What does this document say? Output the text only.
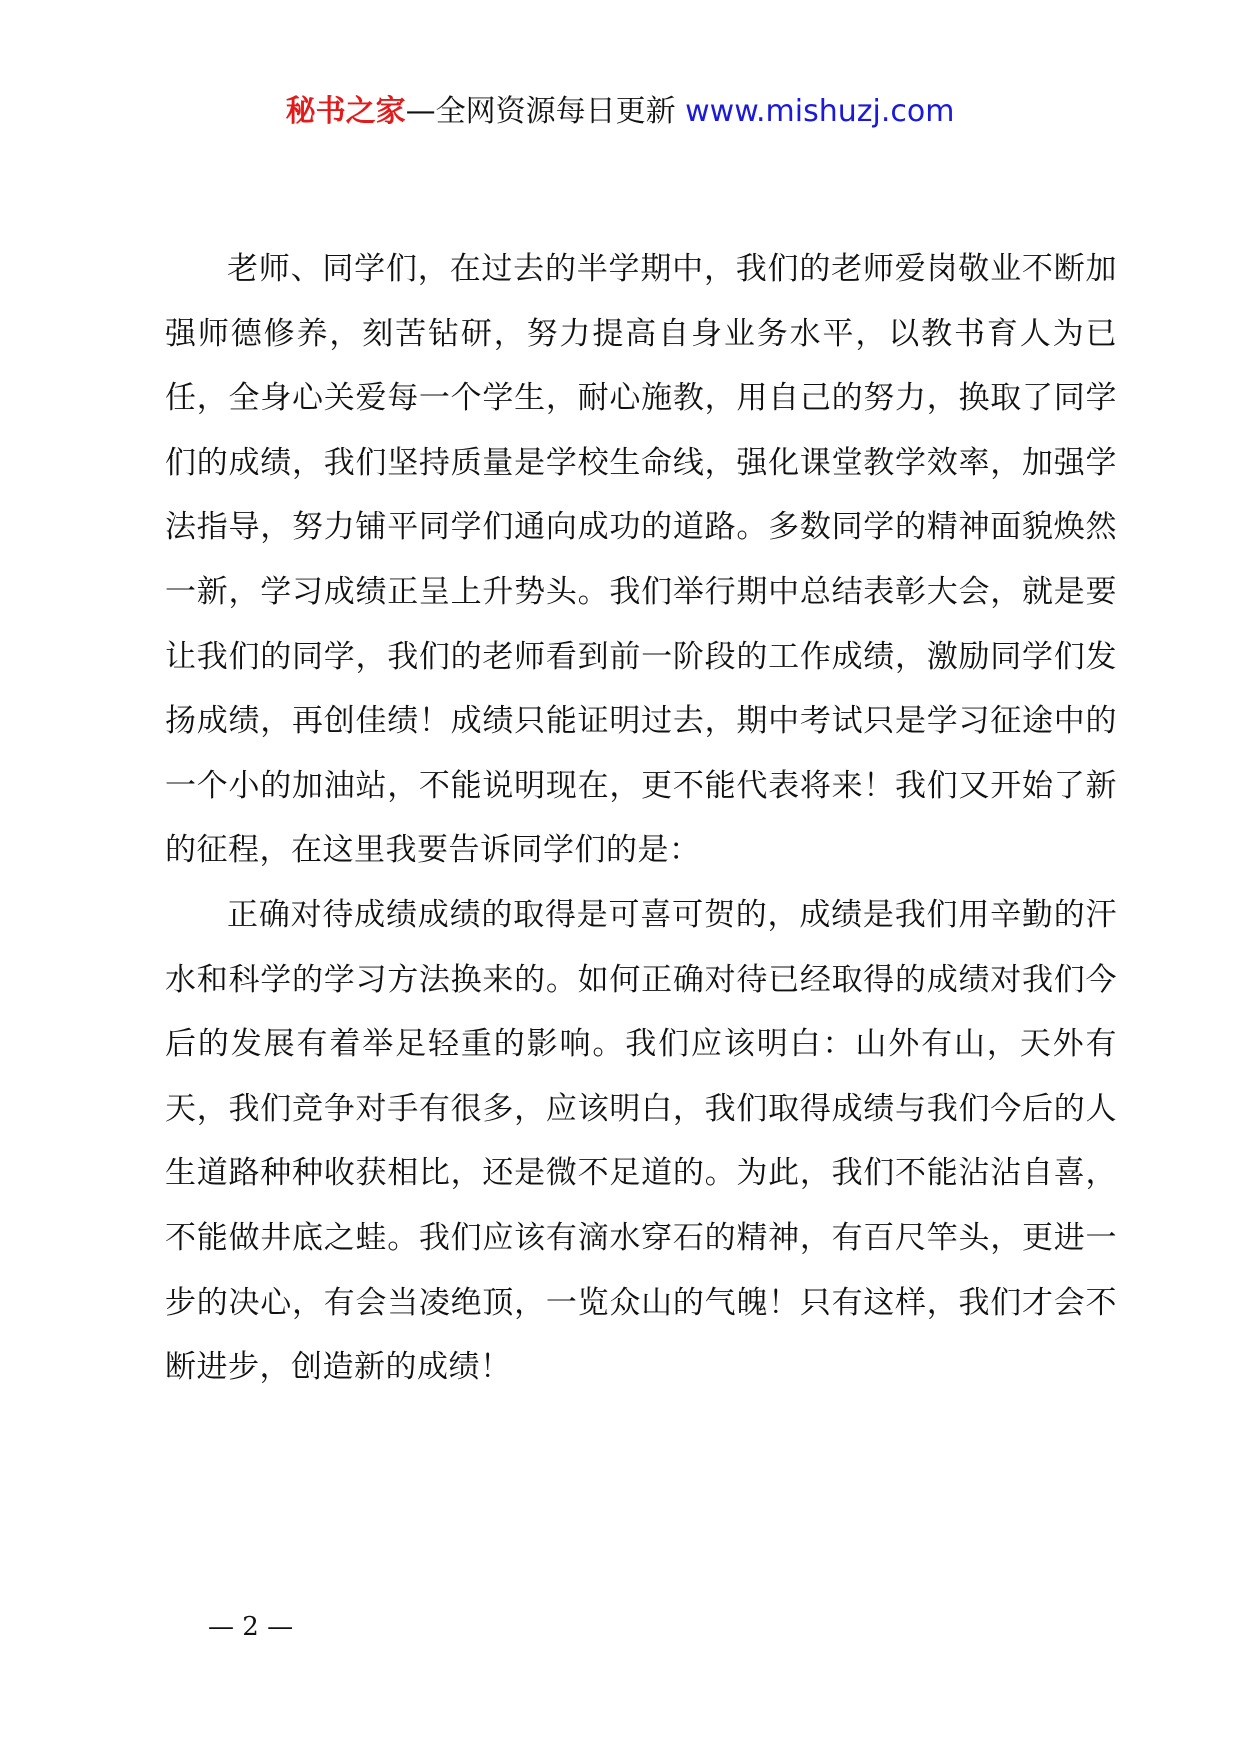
秘书之家—全网资源每日更新 www.mishuzj.com

老师、同学们，在过去的半学期中，我们的老师爱岗敬业不断加强师德修养，刻苦钻研，努力提高自身业务水平，以教书育人为已任，全身心关爱每一个学生，耐心施教，用自己的努力，换取了同学们的成绩，我们坚持质量是学校生命线，强化课堂教学效率，加强学法指导，努力铺平同学们通向成功的道路。多数同学的精神面貌焕然一新，学习成绩正呈上升势头。我们举行期中总结表彰大会，就是要让我们的同学，我们的老师看到前一阶段的工作成绩，激励同学们发扬成绩，再创佳绩！成绩只能证明过去，期中考试只是学习征途中的一个小的加油站，不能说明现在，更不能代表将来！我们又开始了新的征程，在这里我要告诉同学们的是：

正确对待成绩成绩的取得是可喜可贺的，成绩是我们用辛勤的汗水和科学的学习方法换来的。如何正确对待已经取得的成绩对我们今后的发展有着举足轻重的影响。我们应该明白：山外有山，天外有天，我们竞争对手有很多，应该明白，我们取得成绩与我们今后的人生道路种种收获相比，还是微不足道的。为此，我们不能沾沾自喜，不能做井底之蛙。我们应该有滴水穿石的精神，有百尺竿头，更进一步的决心，有会当凌绝顶，一览众山的气魄！只有这样，我们才会不断进步，创造新的成绩！

— 2 —
